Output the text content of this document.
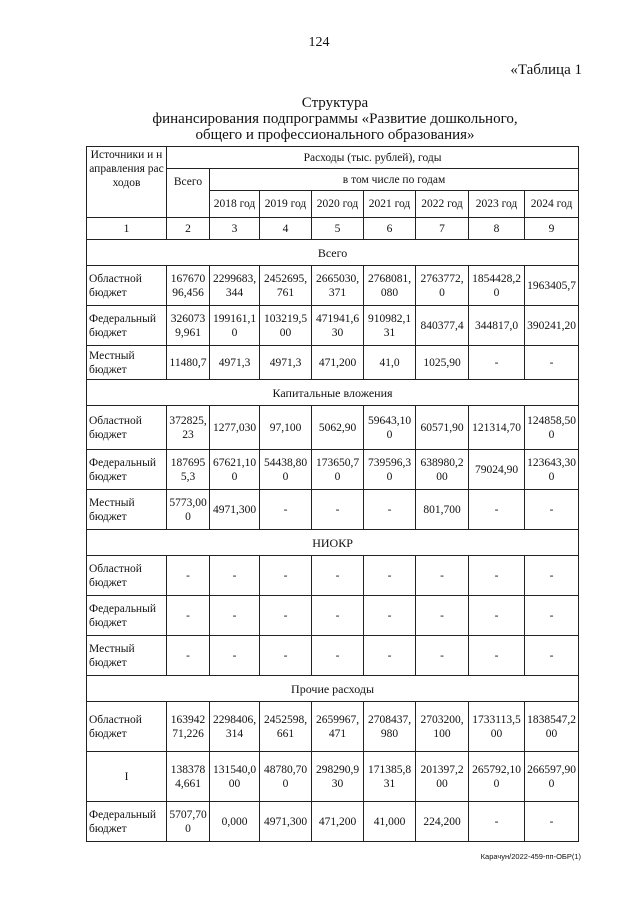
124
«Таблица 1
Структура
финансирования подпрограммы «Развитие дошкольного,
общего и профессионального образования»
Источники и направления расходов	Расходы (тыс. рублей), годы							
	Всего	в том числе по годам						
		2018 год	2019 год	2020 год	2021 год	2022 год	2023 год	2024 год
1	2	3	4	5	6	7	8	9
Всего								
Областной бюджет	16767096,456	2299683,344	2452695,761	2665030,371	2768081,080	2763772,0	1854428,20	1963405,7
Федеральный бюджет	3260739,961	199161,10	103219,500	471941,630	910982,131	840377,4	344817,0	390241,20
Местный бюджет	11480,7	4971,3	4971,3	471,200	41,0	1025,90	-	-
Капитальные вложения								
Областной бюджет	372825,23	1277,030	97,100	5062,90	59643,100	60571,90	121314,70	124858,500
Федеральный бюджет	1876955,3	67621,100	54438,800	173650,70	739596,30	638980,200	79024,90	123643,300
Местный бюджет	5773,000	4971,300	-	-	-	801,700	-	-
НИОКР								
Областной бюджет	-	-	-	-	-	-	-	-
Федеральный бюджет	-	-	-	-	-	-	-	-
Местный бюджет	-	-	-	-	-	-	-	-
Прочие расходы								
Областной бюджет	16394271,226	2298406,314	2452598,661	2659967,471	2708437,980	2703200,100	1733113,500	1838547,200
I	1383784,661	131540,000	48780,700	298290,930	171385,831	201397,200	265792,100	266597,900
Федеральный бюджет	5707,700	0,000	4971,300	471,200	41,000	224,200	-	-
Карачун/2022-459-пп-ОБР(1)
